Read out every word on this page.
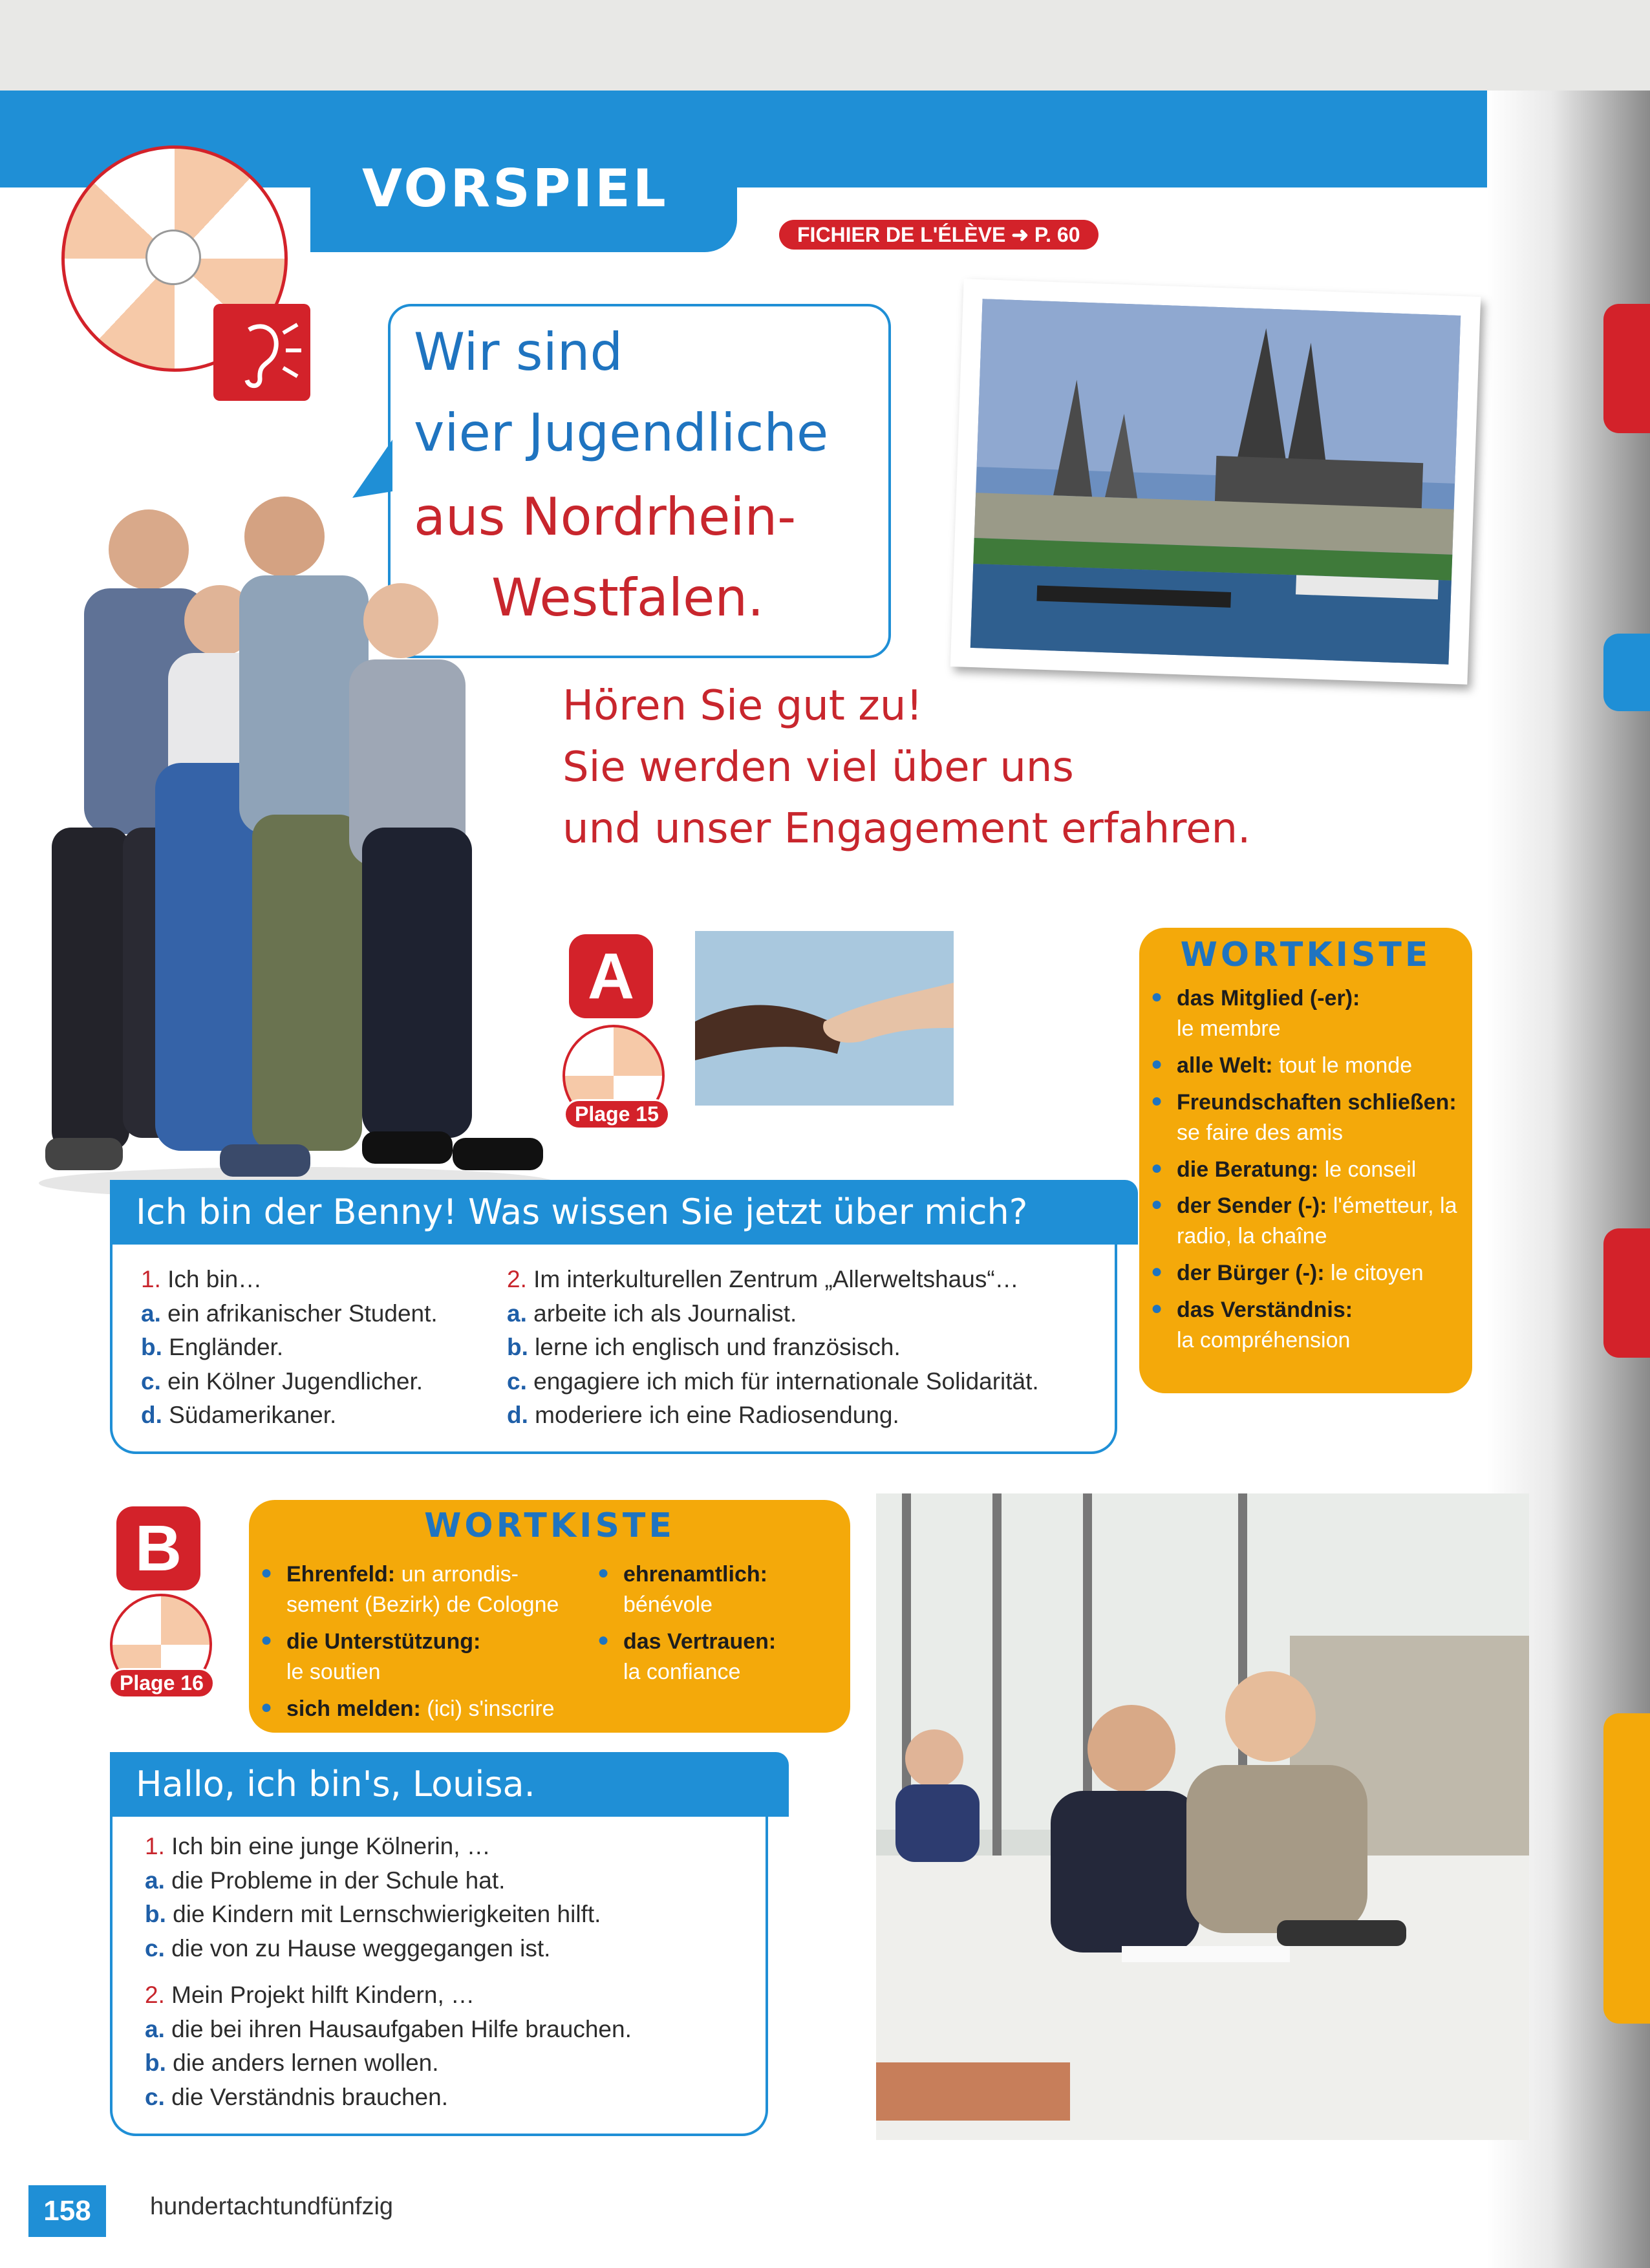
VORSPIEL
FICHIER DE L'ÉLÈVE ➜ P. 60
Wir sind
vier Jugendliche
aus Nordrhein-
Westfalen.
Hören Sie gut zu!
Sie werden viel über uns
und unser Engagement erfahren.
A
Plage 15
WORTKISTE
● das Mitglied (-er):
le membre
● alle Welt: tout le monde
● Freundschaften schließen:
se faire des amis
● die Beratung: le conseil
● der Sender (-): l'émetteur, la radio, la chaîne
● der Bürger (-): le citoyen
● das Verständnis:
la compréhension
Ich bin der Benny! Was wissen Sie jetzt über mich?
1. Ich bin…
a. ein afrikanischer Student.
b. Engländer.
c. ein Kölner Jugendlicher.
d. Südamerikaner.
2. Im interkulturellen Zentrum „Allerweltshaus“…
a. arbeite ich als Journalist.
b. lerne ich englisch und französisch.
c. engagiere ich mich für internationale Solidarität.
d. moderiere ich eine Radiosendung.
B
Plage 16
WORTKISTE
● Ehrenfeld: un arrondis-sement (Bezirk) de Cologne
● die Unterstützung:
le soutien
● sich melden: (ici) s'inscrire
● ehrenamtlich:
bénévole
● das Vertrauen:
la confiance
Hallo, ich bin's, Louisa.
1. Ich bin eine junge Kölnerin, …
a. die Probleme in der Schule hat.
b. die Kindern mit Lernschwierigkeiten hilft.
c. die von zu Hause weggegangen ist.
2. Mein Projekt hilft Kindern, …
a. die bei ihren Hausaufgaben Hilfe brauchen.
b. die anders lernen wollen.
c. die Verständnis brauchen.
158	hundertachtundfünfzig
